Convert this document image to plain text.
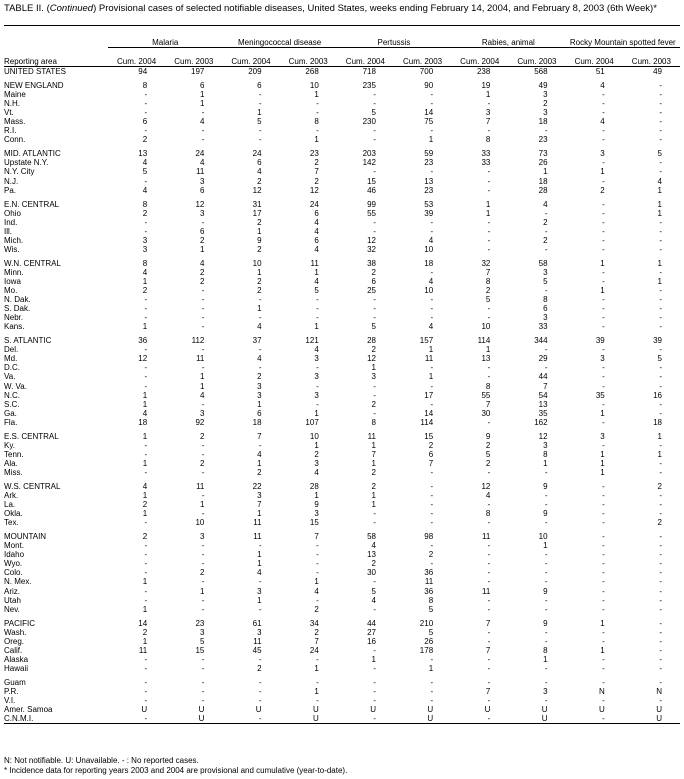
TABLE II. (Continued) Provisional cases of selected notifiable diseases, United States, weeks ending February 14, 2004, and February 8, 2003 (6th Week)*
	Malaria		Meningococcal disease		Pertussis		Rabies, animal		Rocky Mountain spotted fever	
Reporting area	Cum. 2004	Cum. 2003	Cum. 2004	Cum. 2003	Cum. 2004	Cum. 2003	Cum. 2004	Cum. 2003	Cum. 2004	Cum. 2003
UNITED STATES	94	197	209	268	718	700	238	568	51	49

NEW ENGLAND	8	6	6	10	235	90	19	49	4	-
Maine	-	1	-	1	-	-	1	3	-	-
N.H.	-	1	-	-	-	-	-	2	-	-
Vt.	-	-	1	-	5	14	3	3	-	-
Mass.	6	4	5	8	230	75	7	18	4	-
R.I.	-	-	-	-	-	-	-	-	-	-
Conn.	2	-	-	1	-	1	8	23	-	-

MID. ATLANTIC	13	24	24	23	203	59	33	73	3	5
Upstate N.Y.	4	4	6	2	142	23	33	26	-	-
N.Y. City	5	11	4	7	-	-	-	1	1	-
N.J.	-	3	2	2	15	13	-	18	-	4
Pa.	4	6	12	12	46	23	-	28	2	1

E.N. CENTRAL	8	12	31	24	99	53	1	4	-	1
Ohio	2	3	17	6	55	39	1	-	-	1
Ind.	-	-	2	4	-	-	-	2	-	-
Ill.	-	6	1	4	-	-	-	-	-	-
Mich.	3	2	9	6	12	4	-	2	-	-
Wis.	3	1	2	4	32	10	-	-	-	-

W.N. CENTRAL	8	4	10	11	38	18	32	58	1	1
Minn.	4	2	1	1	2	-	7	3	-	-
Iowa	1	2	2	4	6	4	8	5	-	1
Mo.	2	-	2	5	25	10	2	-	1	-
N. Dak.	-	-	-	-	-	-	5	8	-	-
S. Dak.	-	-	1	-	-	-	-	6	-	-
Nebr.	-	-	-	-	-	-	-	3	-	-
Kans.	1	-	4	1	5	4	10	33	-	-

S. ATLANTIC	36	112	37	121	28	157	114	344	39	39
Del.	-	-	-	4	2	1	1	-	-	-
Md.	12	11	4	3	12	11	13	29	3	5
D.C.	-	-	-	-	1	-	-	-	-	-
Va.	-	1	2	3	3	1	-	44	-	-
W. Va.	-	1	3	-	-	-	8	7	-	-
N.C.	1	4	3	3	-	17	55	54	35	16
S.C.	1	-	1	-	2	-	7	13	-	-
Ga.	4	3	6	1	-	14	30	35	1	-
Fla.	18	92	18	107	8	114	-	162	-	18

E.S. CENTRAL	1	2	7	10	11	15	9	12	3	1
Ky.	-	-	-	1	1	2	2	3	-	-
Tenn.	-	-	4	2	7	6	5	8	1	1
Ala.	1	2	1	3	1	7	2	1	1	-
Miss.	-	-	2	4	2	-	-	-	1	-

W.S. CENTRAL	4	11	22	28	2	-	12	9	-	2
Ark.	1	-	3	1	1	-	4	-	-	-
La.	2	1	7	9	1	-	-	-	-	-
Okla.	1	-	1	3	-	-	8	9	-	-
Tex.	-	10	11	15	-	-	-	-	-	2

MOUNTAIN	2	3	11	7	58	98	11	10	-	-
Mont.	-	-	-	-	4	-	-	1	-	-
Idaho	-	-	1	-	13	2	-	-	-	-
Wyo.	-	-	1	-	2	-	-	-	-	-
Colo.	-	2	4	-	30	36	-	-	-	-
N. Mex.	1	-	-	1	-	11	-	-	-	-
Ariz.	-	1	3	4	5	36	11	9	-	-
Utah	-	-	1	-	4	8	-	-	-	-
Nev.	1	-	-	2	-	5	-	-	-	-

PACIFIC	14	23	61	34	44	210	7	9	1	-
Wash.	2	3	3	2	27	5	-	-	-	-
Oreg.	1	5	11	7	16	26	-	-	-	-
Calif.	11	15	45	24	-	178	7	8	1	-
Alaska	-	-	-	-	1	-	-	1	-	-
Hawaii	-	-	2	1	-	1	-	-	-	-

Guam	-	-	-	-	-	-	-	-	-	-
P.R.	-	-	-	1	-	-	7	3	N	N
V.I.	-	-	-	-	-	-	-	-	-	-
Amer. Samoa	U	U	U	U	U	U	U	U	U	U
C.N.M.I.	-	U	-	U	-	U	-	U	-	U
N: Not notifiable. U: Unavailable. - : No reported cases.
* Incidence data for reporting years 2003 and 2004 are provisional and cumulative (year-to-date).
